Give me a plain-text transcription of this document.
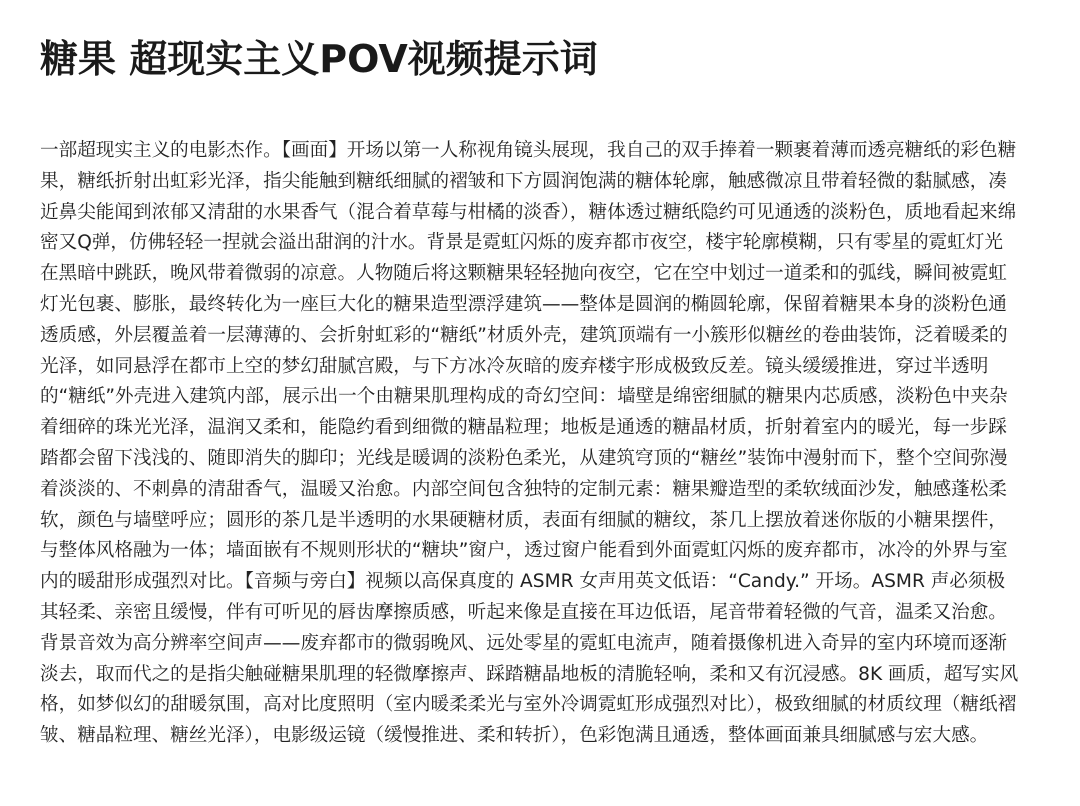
糖果 超现实主义POV视频提示词

一部超现实主义的电影杰作。【画面】开场以第一人称视角镜头展现，我自己的双手捧着一颗裹着薄而透亮糖纸的彩色糖果，糖纸折射出虹彩光泽，指尖能触到糖纸细腻的褶皱和下方圆润饱满的糖体轮廓，触感微凉且带着轻微的黏腻感，凑近鼻尖能闻到浓郁又清甜的水果香气（混合着草莓与柑橘的淡香），糖体透过糖纸隐约可见通透的淡粉色，质地看起来绵密又Q弹，仿佛轻轻一捏就会溢出甜润的汁水。背景是霓虹闪烁的废弃都市夜空，楼宇轮廓模糊，只有零星的霓虹灯光在黑暗中跳跃，晚风带着微弱的凉意。人物随后将这颗糖果轻轻抛向夜空，它在空中划过一道柔和的弧线，瞬间被霓虹灯光包裹、膨胀，最终转化为一座巨大化的糖果造型漂浮建筑——整体是圆润的椭圆轮廓，保留着糖果本身的淡粉色通透质感，外层覆盖着一层薄薄的、会折射虹彩的“糖纸”材质外壳，建筑顶端有一小簇形似糖丝的卷曲装饰，泛着暖柔的光泽，如同悬浮在都市上空的梦幻甜腻宫殿，与下方冰冷灰暗的废弃楼宇形成极致反差。镜头缓缓推进，穿过半透明的“糖纸”外壳进入建筑内部，展示出一个由糖果肌理构成的奇幻空间：墙壁是绵密细腻的糖果内芯质感，淡粉色中夹杂着细碎的珠光光泽，温润又柔和，能隐约看到细微的糖晶粒理；地板是通透的糖晶材质，折射着室内的暖光，每一步踩踏都会留下浅浅的、随即消失的脚印；光线是暖调的淡粉色柔光，从建筑穹顶的“糖丝”装饰中漫射而下，整个空间弥漫着淡淡的、不刺鼻的清甜香气，温暖又治愈。内部空间包含独特的定制元素：糖果瓣造型的柔软绒面沙发，触感蓬松柔软，颜色与墙壁呼应；圆形的茶几是半透明的水果硬糖材质，表面有细腻的糖纹，茶几上摆放着迷你版的小糖果摆件，与整体风格融为一体；墙面嵌有不规则形状的“糖块”窗户，透过窗户能看到外面霓虹闪烁的废弃都市，冰冷的外界与室内的暖甜形成强烈对比。【音频与旁白】视频以高保真度的 ASMR 女声用英文低语：“Candy.” 开场。ASMR 声必须极其轻柔、亲密且缓慢，伴有可听见的唇齿摩擦质感，听起来像是直接在耳边低语，尾音带着轻微的气音，温柔又治愈。背景音效为高分辨率空间声——废弃都市的微弱晚风、远处零星的霓虹电流声，随着摄像机进入奇异的室内环境而逐渐淡去，取而代之的是指尖触碰糖果肌理的轻微摩擦声、踩踏糖晶地板的清脆轻响，柔和又有沉浸感。8K 画质，超写实风格，如梦似幻的甜暖氛围，高对比度照明（室内暖柔柔光与室外冷调霓虹形成强烈对比），极致细腻的材质纹理（糖纸褶皱、糖晶粒理、糖丝光泽），电影级运镜（缓慢推进、柔和转折），色彩饱满且通透，整体画面兼具细腻感与宏大感。
